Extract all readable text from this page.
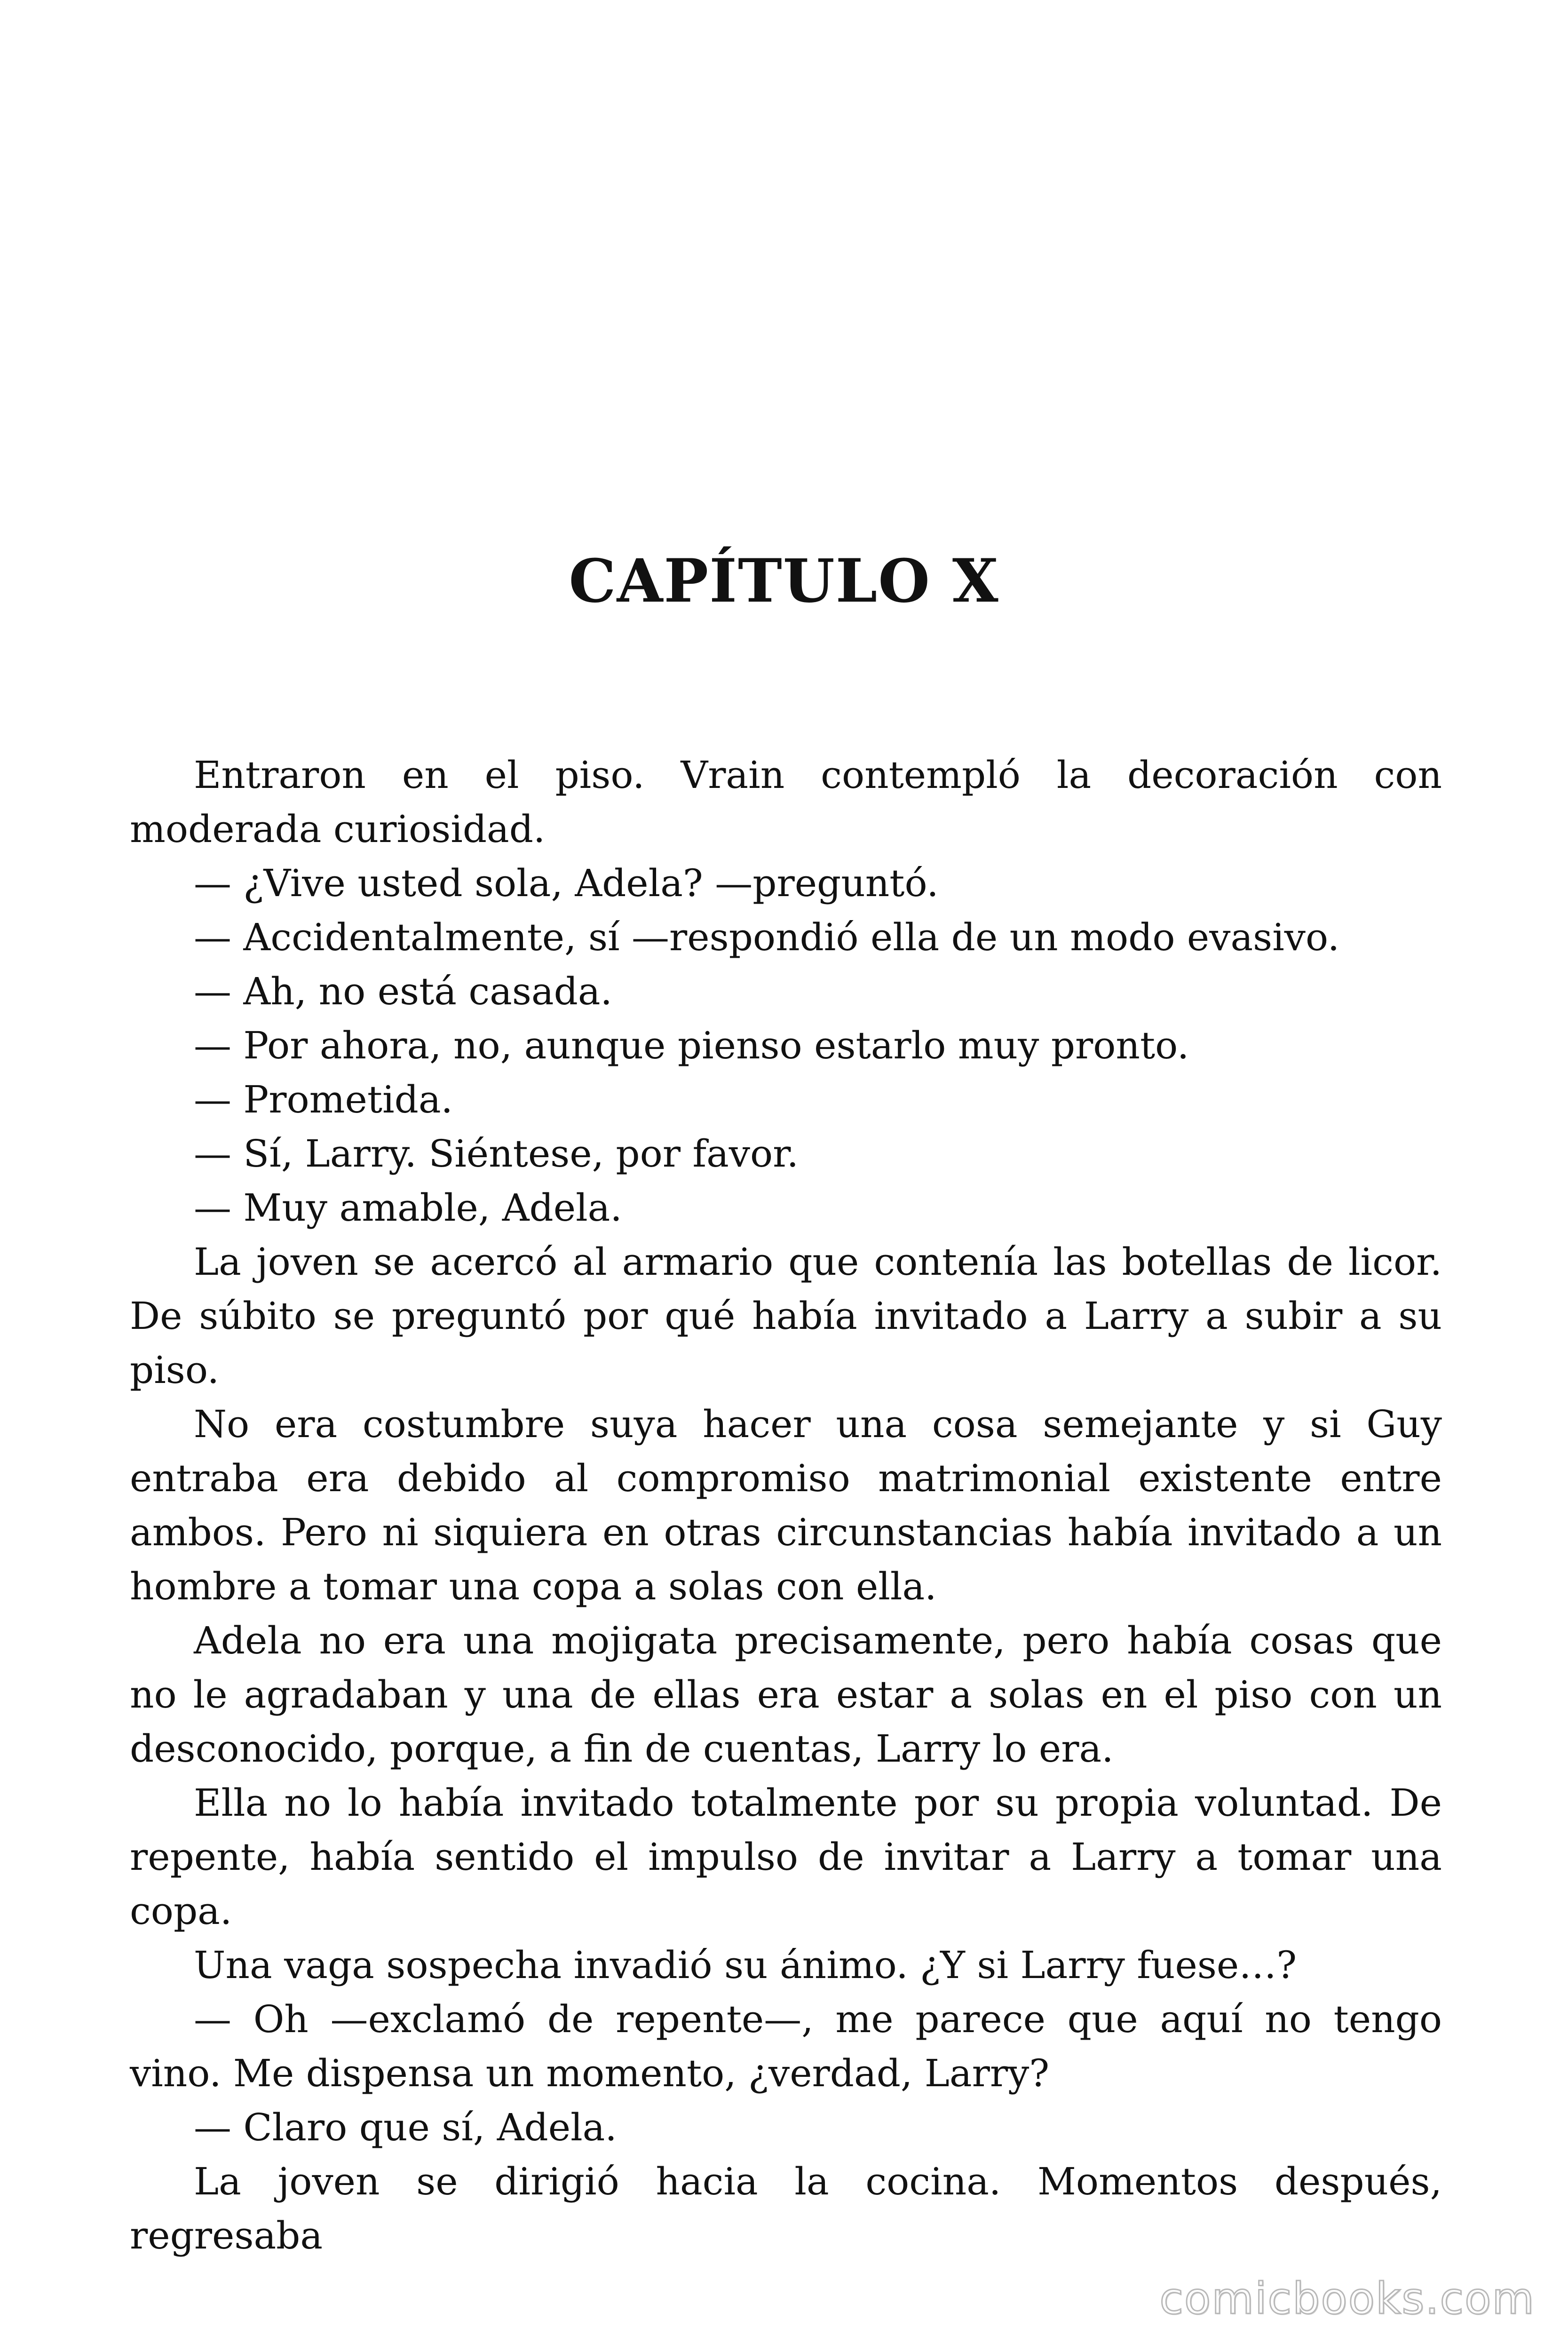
CAPÍTULO X

Entraron en el piso. Vrain contempló la decoración con moderada curiosidad.

— ¿Vive usted sola, Adela? —preguntó.

— Accidentalmente, sí —respondió ella de un modo evasivo.

— Ah, no está casada.

— Por ahora, no, aunque pienso estarlo muy pronto.

— Prometida.

— Sí, Larry. Siéntese, por favor.

— Muy amable, Adela.

La joven se acercó al armario que contenía las botellas de licor. De súbito se preguntó por qué había invitado a Larry a subir a su piso.

No era costumbre suya hacer una cosa semejante y si Guy entraba era debido al compromiso matrimonial existente entre ambos. Pero ni siquiera en otras circunstancias había invitado a un hombre a tomar una copa a solas con ella.

Adela no era una mojigata precisamente, pero había cosas que no le agradaban y una de ellas era estar a solas en el piso con un desconocido, porque, a fin de cuentas, Larry lo era.

Ella no lo había invitado totalmente por su propia voluntad. De repente, había sentido el impulso de invitar a Larry a tomar una copa.

Una vaga sospecha invadió su ánimo. ¿Y si Larry fuese…?

— Oh —exclamó de repente—, me parece que aquí no tengo vino. Me dispensa un momento, ¿verdad, Larry?

— Claro que sí, Adela.

La joven se dirigió hacia la cocina. Momentos después, regresaba

comicbooks.com
